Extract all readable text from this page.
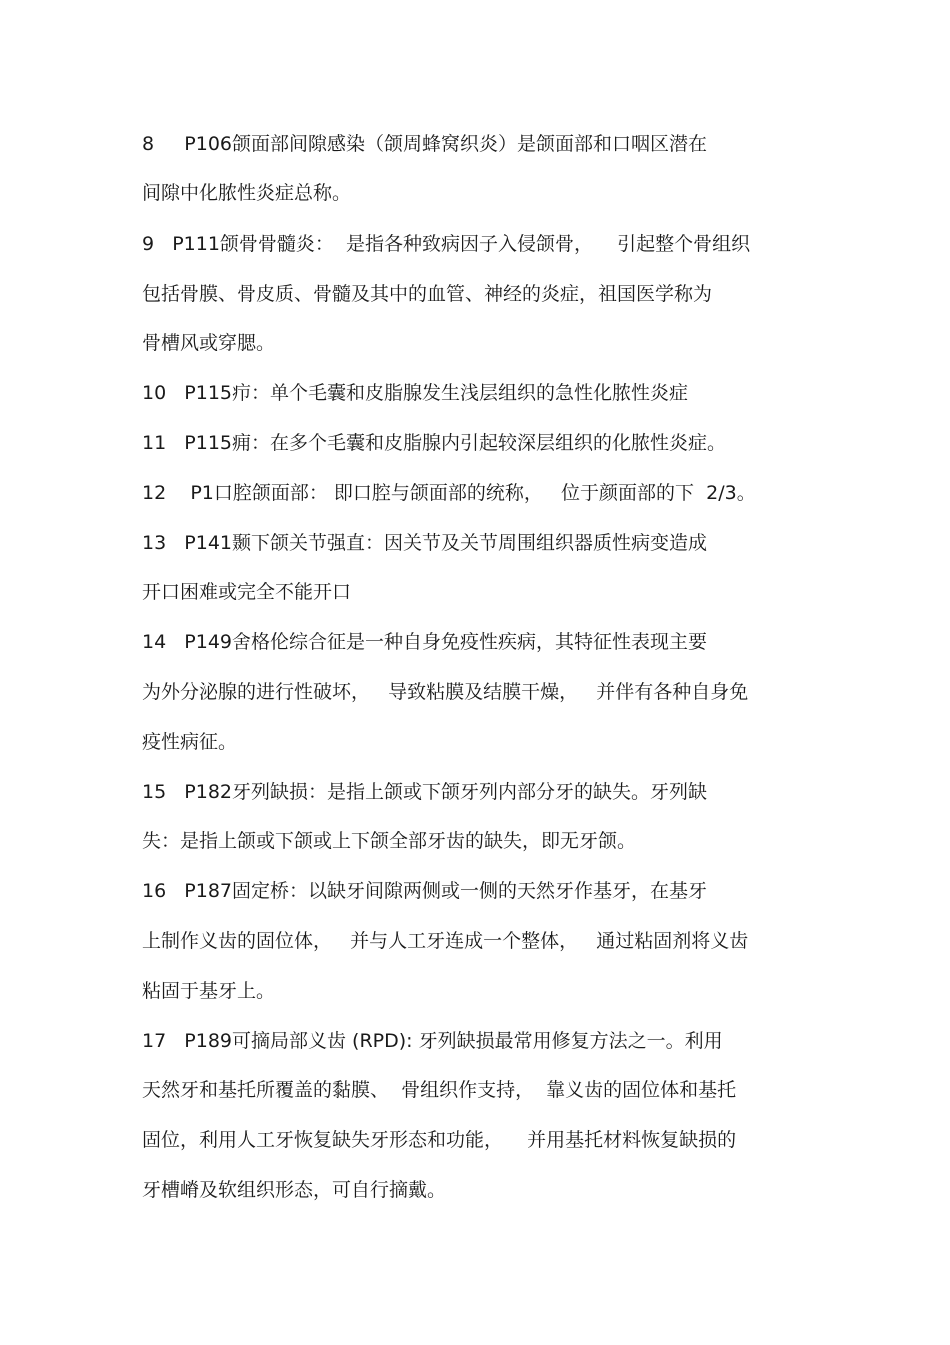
8     P106颌面部间隙感染（颌周蜂窝织炎）是颌面部和口咽区潜在
间隙中化脓性炎症总称。
9   P111颌骨骨髓炎：  是指各种致病因子入侵颌骨，    引起整个骨组织
包括骨膜、骨皮质、骨髓及其中的血管、神经的炎症，祖国医学称为
骨槽风或穿腮。
10   P115疖：单个毛囊和皮脂腺发生浅层组织的急性化脓性炎症
11   P115痈：在多个毛囊和皮脂腺内引起较深层组织的化脓性炎症。
12    P1口腔颌面部： 即口腔与颌面部的统称，   位于颜面部的下  2/3。
13   P141颞下颌关节强直：因关节及关节周围组织器质性病变造成
开口困难或完全不能开口
14   P149舍格伦综合征是一种自身免疫性疾病，其特征性表现主要
为外分泌腺的进行性破坏，   导致粘膜及结膜干燥，   并伴有各种自身免
疫性病征。
15   P182牙列缺损：是指上颌或下颌牙列内部分牙的缺失。牙列缺
失：是指上颌或下颌或上下颌全部牙齿的缺失，即无牙颌。
16   P187固定桥：以缺牙间隙两侧或一侧的天然牙作基牙，在基牙
上制作义齿的固位体，   并与人工牙连成一个整体，   通过粘固剂将义齿
粘固于基牙上。
17   P189可摘局部义齿 (RPD): 牙列缺损最常用修复方法之一。利用
天然牙和基托所覆盖的黏膜、  骨组织作支持，  靠义齿的固位体和基托
固位，利用人工牙恢复缺失牙形态和功能，    并用基托材料恢复缺损的
牙槽嵴及软组织形态，可自行摘戴。
